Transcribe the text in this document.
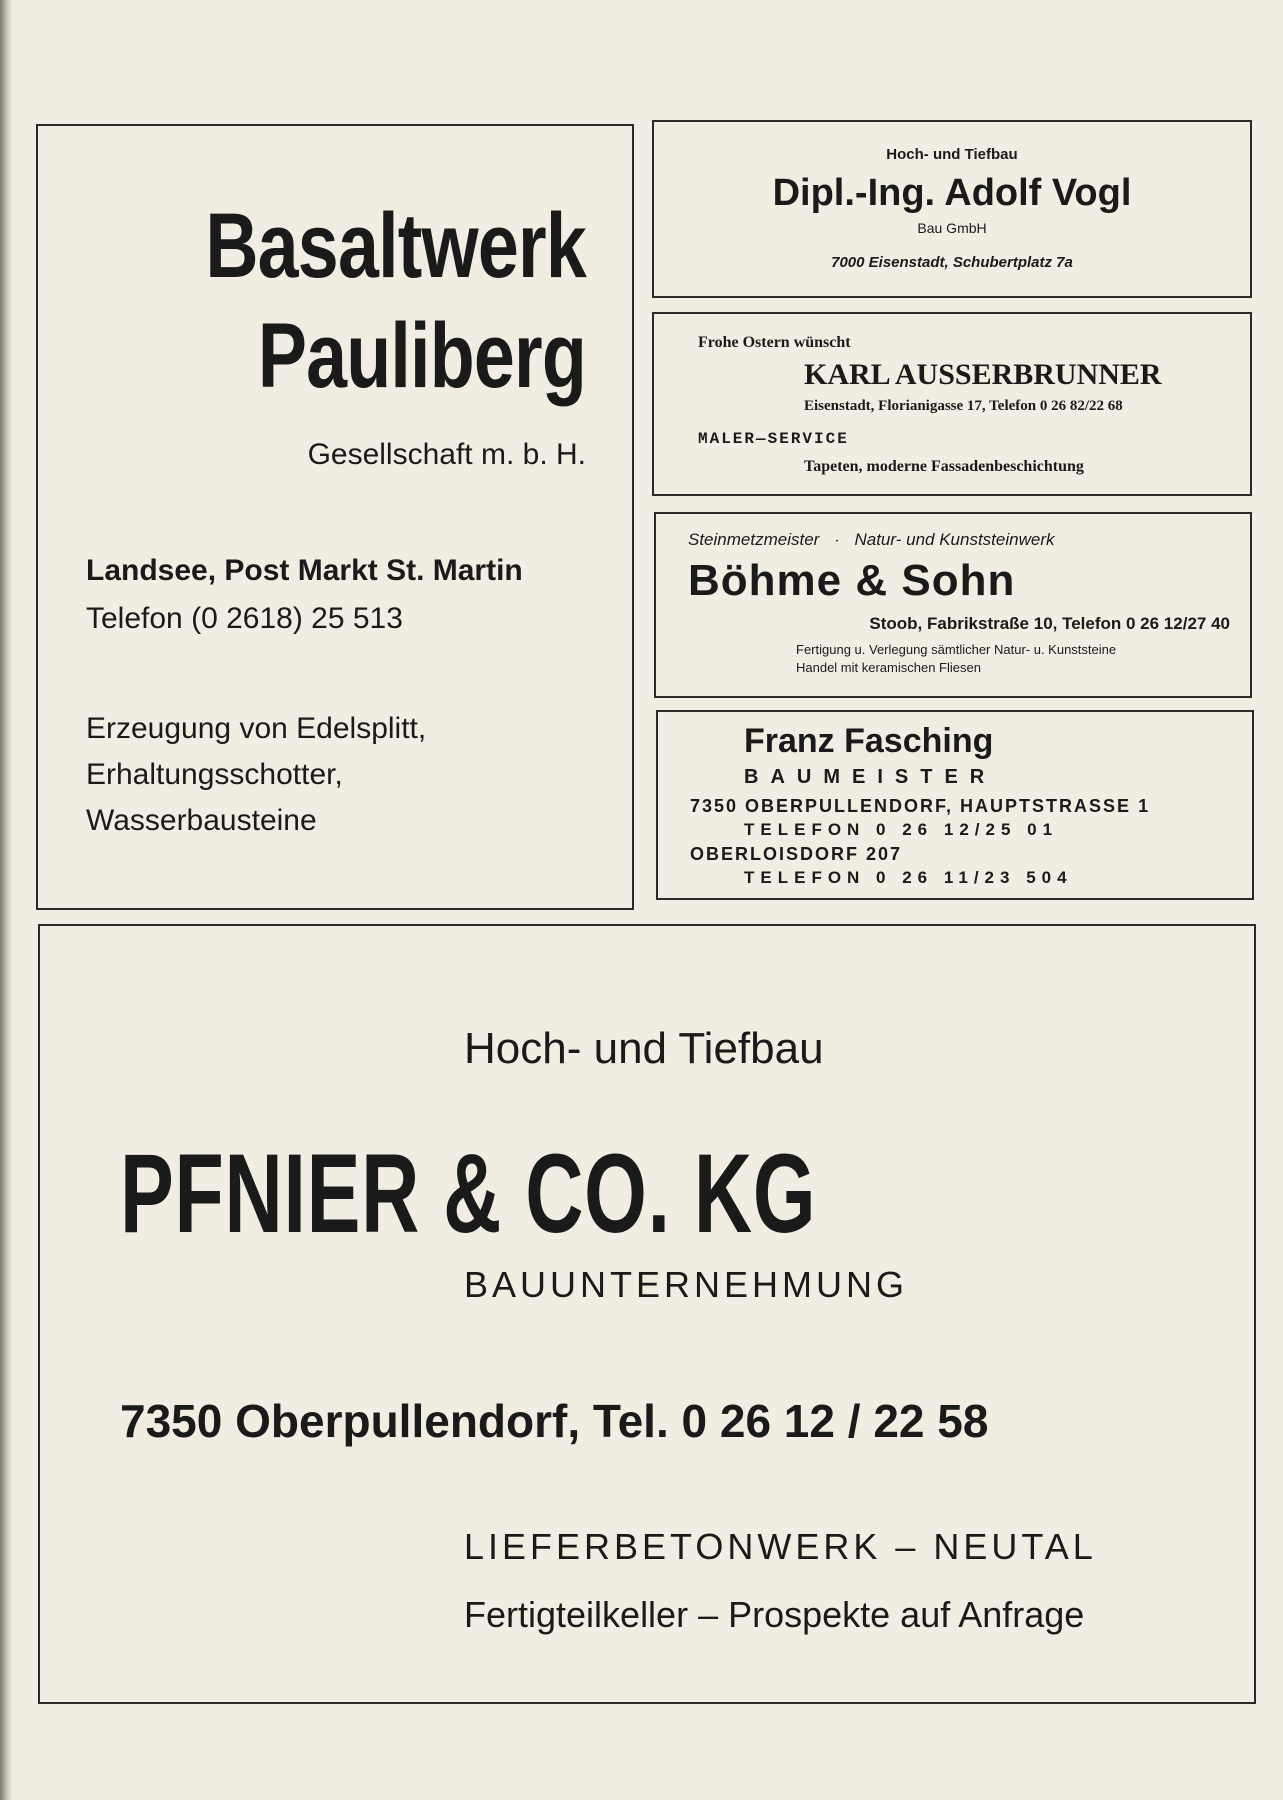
Basaltwerk
Pauliberg
Gesellschaft m. b. H.
Landsee, Post Markt St. Martin
Telefon (0 2618) 25 513
Erzeugung von Edelsplitt,
Erhaltungsschotter,
Wasserbausteine
Hoch- und Tiefbau
Dipl.-Ing. Adolf Vogl
Bau GmbH
7000 Eisenstadt, Schubertplatz 7a
Frohe Ostern wünscht
KARL AUSSERBRUNNER
Eisenstadt, Florianigasse 17, Telefon 0 26 82/22 68
MALER—SERVICE
Tapeten, moderne Fassadenbeschichtung
Steinmetzmeister · Natur- und Kunststeinwerk
Böhme & Sohn
Stoob, Fabrikstraße 10, Telefon 0 26 12/27 40
Fertigung u. Verlegung sämtlicher Natur- u. Kunststeine
Handel mit keramischen Fliesen
Franz Fasching
BAUMEISTER
7350 OBERPULLENDORF, HAUPTSTRASSE 1
TELEFON 0 26 12/25 01
OBERLOISDORF 207
TELEFON 0 26 11/23 504
Hoch- und Tiefbau
PFNIER & CO. KG
BAUUNTERNEHMUNG
7350 Oberpullendorf, Tel. 0 26 12 / 22 58
LIEFERBETONWERK – NEUTAL
Fertigteilkeller – Prospekte auf Anfrage
